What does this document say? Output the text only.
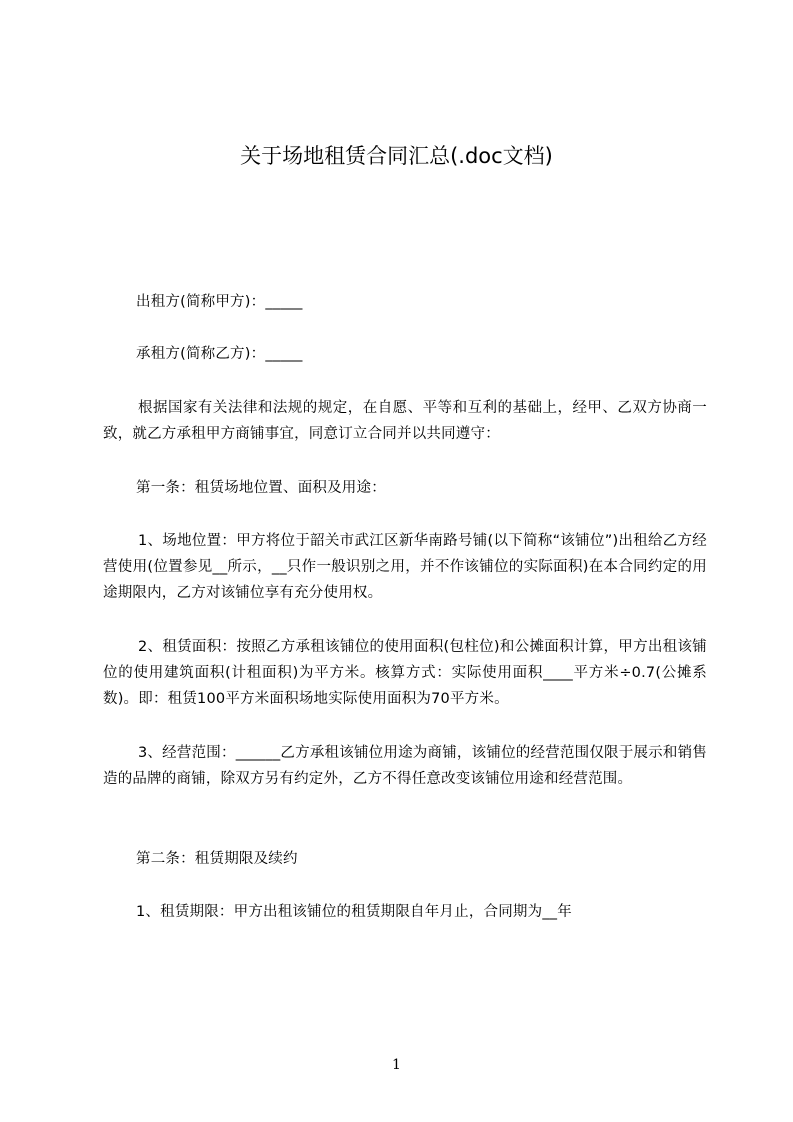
关于场地租赁合同汇总(.doc文档)

出租方(简称甲方)：_____

承租方(简称乙方)：_____

根据国家有关法律和法规的规定，在自愿、平等和互利的基础上，经甲、乙双方协商一致，就乙方承租甲方商铺事宜，同意订立合同并以共同遵守：

第一条：租赁场地位置、面积及用途：

1、场地位置：甲方将位于韶关市武江区新华南路号铺(以下简称“该铺位”)出租给乙方经营使用(位置参见__所示，__只作一般识别之用，并不作该铺位的实际面积)在本合同约定的用途期限内，乙方对该铺位享有充分使用权。

2、租赁面积：按照乙方承租该铺位的使用面积(包柱位)和公摊面积计算，甲方出租该铺位的使用建筑面积(计租面积)为平方米。核算方式：实际使用面积____平方米÷0.7(公摊系数)。即：租赁100平方米面积场地实际使用面积为70平方米。

3、经营范围：______乙方承租该铺位用途为商铺，该铺位的经营范围仅限于展示和销售造的品牌的商铺，除双方另有约定外，乙方不得任意改变该铺位用途和经营范围。

第二条：租赁期限及续约

1、租赁期限：甲方出租该铺位的租赁期限自年月止，合同期为__年

1
